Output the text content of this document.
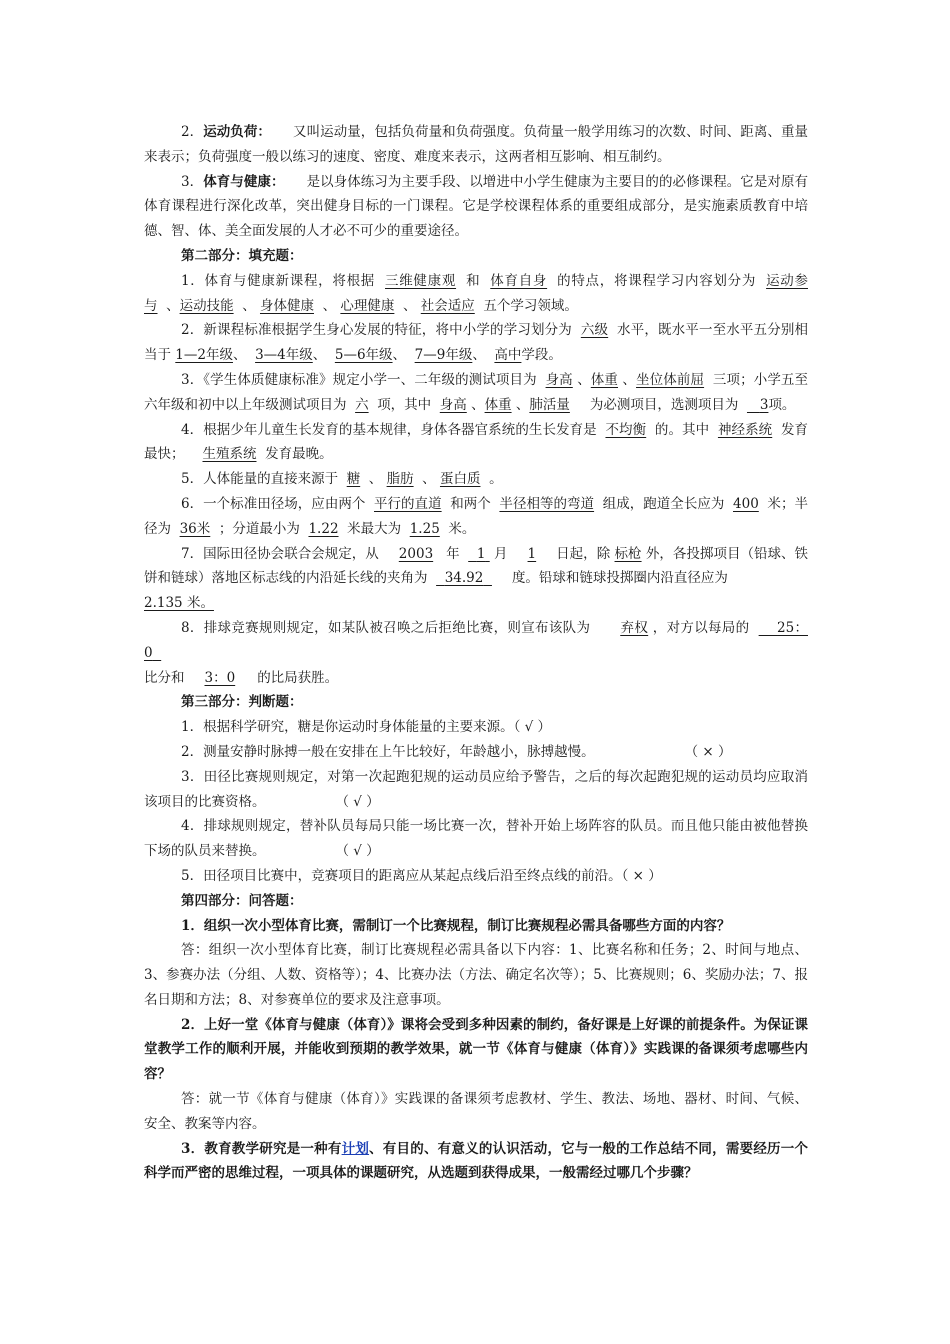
2．运动负荷： 又叫运动量，包括负荷量和负荷强度。负荷量一般学用练习的次数、时间、距离、重量来表示；负荷强度一般以练习的速度、密度、难度来表示，这两者相互影响、相互制约。

3．体育与健康： 是以身体练习为主要手段、以增进中小学生健康为主要目的的必修课程。它是对原有体育课程进行深化改革，突出健身目标的一门课程。它是学校课程体系的重要组成部分，是实施素质教育中培德、智、体、美全面发展的人才必不可少的重要途径。

第二部分：填充题：

1．体育与健康新课程，将根据 三维健康观 和 体育自身 的特点，将课程学习内容划分为 运动参与 、运动技能 、 身体健康 、 心理健康 、 社会适应 五个学习领域。

2．新课程标准根据学生身心发展的特征，将中小学的学习划分为 六级 水平，既水平一至水平五分别相当于 1—2年级、 3—4年级、 5—6年级、 7—9年级、 高中学段。

3．《学生体质健康标准》规定小学一、二年级的测试项目为 身高 、体重 、坐位体前屈 三项；小学五至六年级和初中以上年级测试项目为 六 项，其中 身高 、体重 、肺活量 为必测项目，选测项目为 3项。

4．根据少年儿童生长发育的基本规律，身体各器官系统的生长发育是 不均衡 的。其中 神经系统 发育最快； 生殖系统 发育最晚。

5．人体能量的直接来源于 糖 、 脂肪 、 蛋白质 。

6．一个标准田径场，应由两个 平行的直道 和两个 半径相等的弯道 组成，跑道全长应为 400 米；半径为 36米 ；分道最小为 1.22 米最大为 1.25 米。

7．国际田径协会联合会规定，从 2003 年 1 月 1 日起，除 标枪 外，各投掷项目（铅球、铁饼和链球）落地区标志线的内沿延长线的夹角为 34.92 度。铅球和链球投掷圈内沿直径应为

2.135 米。

8．排球竞赛规则规定，如某队被召唤之后拒绝比赛，则宣布该队为 弃权 ，对方以每局的 25：0

比分和 3：0 的比局获胜。

第三部分：判断题：

1．根据科学研究，糖是你运动时身体能量的主要来源。（ √ ）

2．测量安静时脉搏一般在安排在上午比较好，年龄越小，脉搏越慢。	（ × ）

3．田径比赛规则规定，对第一次起跑犯规的运动员应给予警告，之后的每次起跑犯规的运动员均应取消该项目的比赛资格。	（ √ ）

4．排球规则规定，替补队员每局只能一场比赛一次，替补开始上场阵容的队员。而且他只能由被他替换下场的队员来替换。	（ √ ）

5．田径项目比赛中，竞赛项目的距离应从某起点线后沿至终点线的前沿。（ × ）

第四部分：问答题：

1．组织一次小型体育比赛，需制订一个比赛规程，制订比赛规程必需具备哪些方面的内容？

答：组织一次小型体育比赛，制订比赛规程必需具备以下内容：1、比赛名称和任务；2、时间与地点、3、参赛办法（分组、人数、资格等）；4、比赛办法（方法、确定名次等）；5、比赛规则；6、奖励办法；7、报名日期和方法；8、对参赛单位的要求及注意事项。

2．上好一堂《体育与健康（体育）》课将会受到多种因素的制约，备好课是上好课的前提条件。为保证课堂教学工作的顺利开展，并能收到预期的教学效果，就一节《体育与健康（体育）》实践课的备课须考虑哪些内容？

答：就一节《体育与健康（体育）》实践课的备课须考虑教材、学生、教法、场地、器材、时间、气候、安全、教案等内容。

3．教育教学研究是一种有计划、有目的、有意义的认识活动，它与一般的工作总结不同，需要经历一个科学而严密的思维过程，一项具体的课题研究，从选题到获得成果，一般需经过哪几个步骤？
